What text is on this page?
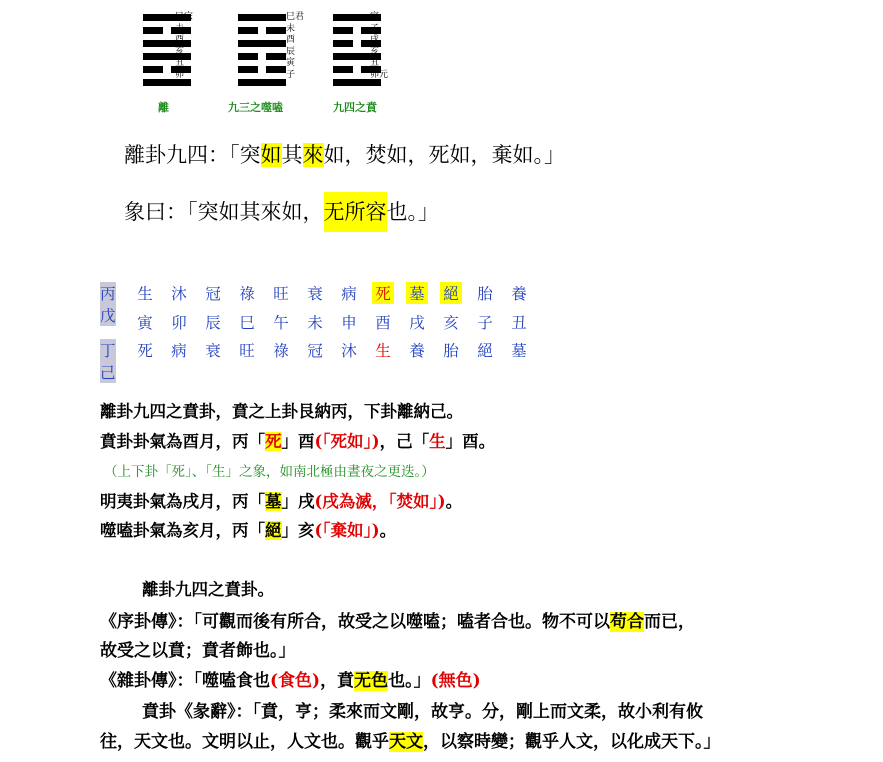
巳宗
未
酉
亥
丑
卯
離
巳君
未
酉
辰
寅
子
九三之噬嗑
寅
子
戌
亥
丑
卯元
九四之賁
離卦九四：「突如其來如，焚如，死如，棄如。」
象曰：「突如其來如，无所容也。」
丙戊
生 沐 冠 祿 旺 衰 病 死 墓 絕 胎 養
寅 卯 辰 巳 午 未 申 酉 戌 亥 子 丑
丁己
死 病 衰 旺 祿 冠 沐 生 養 胎 絕 墓
離卦九四之賁卦，賁之上卦艮納丙，下卦離納己。
賁卦卦氣為酉月，丙「死」酉(「死如」)，己「生」酉。
（上下卦「死」、「生」之象，如南北極由晝夜之更迭。）
明夷卦氣為戌月，丙「墓」戌(戌為滅，「焚如」)。
噬嗑卦氣為亥月，丙「絕」亥(「棄如」)。
離卦九四之賁卦。
《序卦傳》：「可觀而後有所合，故受之以噬嗑；嗑者合也。物不可以苟合而已，
故受之以賁；賁者飾也。」
《雜卦傳》：「噬嗑食也(食色)，賁无色也。」(無色)
賁卦《彖辭》：「賁，亨；柔來而文剛，故亨。分，剛上而文柔，故小利有攸
往，天文也。文明以止，人文也。觀乎天文，以察時變；觀乎人文，以化成天下。」
